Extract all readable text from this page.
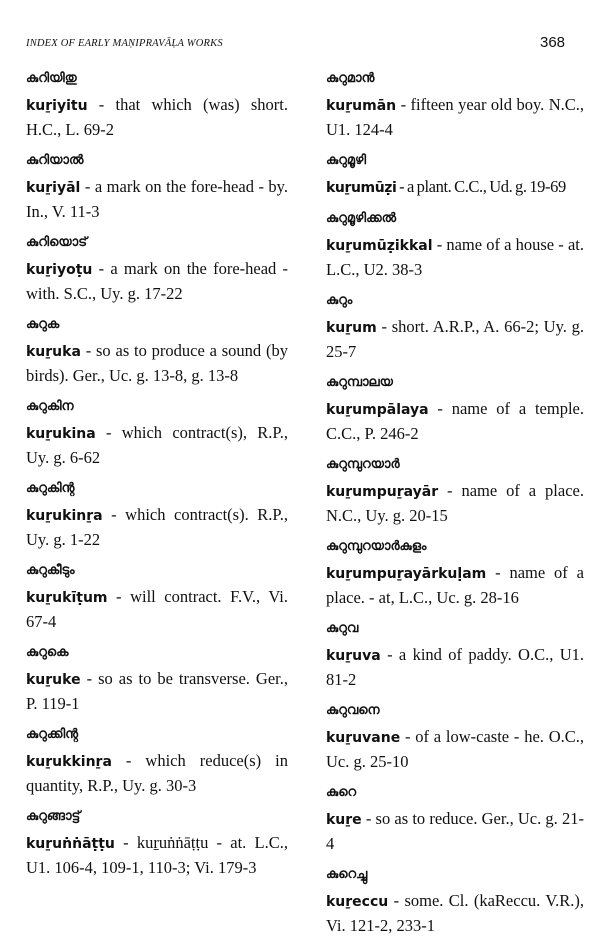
INDEX OF EARLY MAṆIPRAVĀḶA WORKS	368
കുറിയിതു

kuṟiyitu - that which (was) short. H.C., L. 69-2

കുറിയാൽ

kuṟiyāl - a mark on the fore-head - by. In., V. 11-3

കുറിയൊട്

kuṟiyoṭu - a mark on the fore-head - with. S.C., Uy. g. 17-22

കുറുക

kuṟuka - so as to produce a sound (by birds). Ger., Uc. g. 13-8, g. 13-8

കുറുകിന

kuṟukina - which contract(s), R.P., Uy. g. 6-62

കുറുകിന്റ

kuṟukinṟa - which contract(s). R.P., Uy. g. 1-22

കുറുകീടും

kuṟukīṭum - will contract. F.V., Vi. 67-4

കുറുകെ

kuṟuke - so as to be transverse. Ger., P. 119-1

കുറുക്കിന്റ

kuṟukkinṟa - which reduce(s) in quantity, R.P., Uy. g. 30-3

കുറുങ്ങാട്ട്

kuṟuṅṅāṭṭu - kuṟuṅṅāṭṭu - at. L.C., U1. 106-4, 109-1, 110-3; Vi. 179-3

കുറുമാൻ

kuṟumān - fifteen year old boy. N.C., U1. 124-4

കുറുമൂഴി

kuṟumūẓi - a plant. C.C., Ud. g. 19-69

കുറുമൂഴിക്കൽ

kuṟumūẓikkal - name of a house - at. L.C., U2. 38-3

കുറും

kuṟum - short. A.R.P., A. 66-2; Uy. g. 25-7

കുറുമ്പാലയ

kuṟumpālaya - name of a temple. C.C., P. 246-2

കുറുമ്പുറയാർ

kuṟumpuṟayār - name of a place. N.C., Uy. g. 20-15

കുറുമ്പുറയാർകുളം

kuṟumpuṟayārkuḷam - name of a place. - at, L.C., Uc. g. 28-16

കുറുവ

kuṟuva - a kind of paddy. O.C., U1. 81-2

കുറുവനെ

kuṟuvane - of a low-caste - he. O.C., Uc. g. 25-10

കുറെ

kuṟe - so as to reduce. Ger., Uc. g. 21-4

കുറെച്ചു

kuṟeccu - some. Cl. (kaReccu. V.R.), Vi. 121-2, 233-1
